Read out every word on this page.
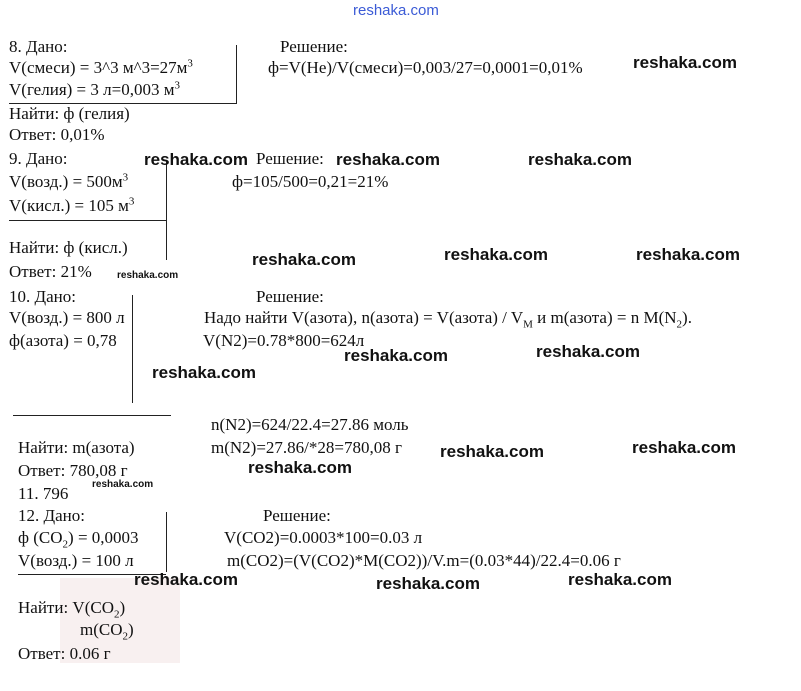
reshaka.com
8. Дано:	Решение:
V(смеси) = 3^3 $м\^{}3=27м^3$	ф=V(He)/V(смеси)=0,003/27=0,0001=0,01%
V(гелия) = 3 л=0,003 $м^3$
Найти: ф (гелия)
Ответ: 0,01%
9. Дано:	Решение:
V(возд.) = $500м^3$	ф=105/500=0,21=21%
V(кисл.) = 105 $м^3$
Найти: ф (кисл.)
Ответ: 21%
10. Дано:	Решение:
V(возд.) = 800 л	Надо найти V(азота), n(азота) = V(азота) / $V_M$ и m(азота) = n $M(N_2)$.
ф(азота) = 0,78	V(N2)=0.78*800=624л
n(N2)=624/22.4=27.86 моль
Найти: m(азота)	m(N2)=27.86/*28=780,08 г
Ответ: 780,08 г
11. 796
12. Дано:	Решение:
ф $(CO_2) = 0,0003$	V(CO2)=0.0003*100=0.03 л
V(возд.) = 100 л	m(CO2)=(V(CO2)*M(CO2))/V.m=(0.03*44)/22.4=0.06 г
Найти: $V(CO_2)$
$m(CO_2)$
Ответ: 0.06 г
reshaka.com
reshaka.com	reshaka.com	reshaka.com
reshaka.com	reshaka.com
reshaka.com
reshaka.com
reshaka.com
reshaka.com
reshaka.com
reshaka.com
reshaka.com
reshaka.com
reshaka.com
reshaka.com
reshaka.com	reshaka.com
